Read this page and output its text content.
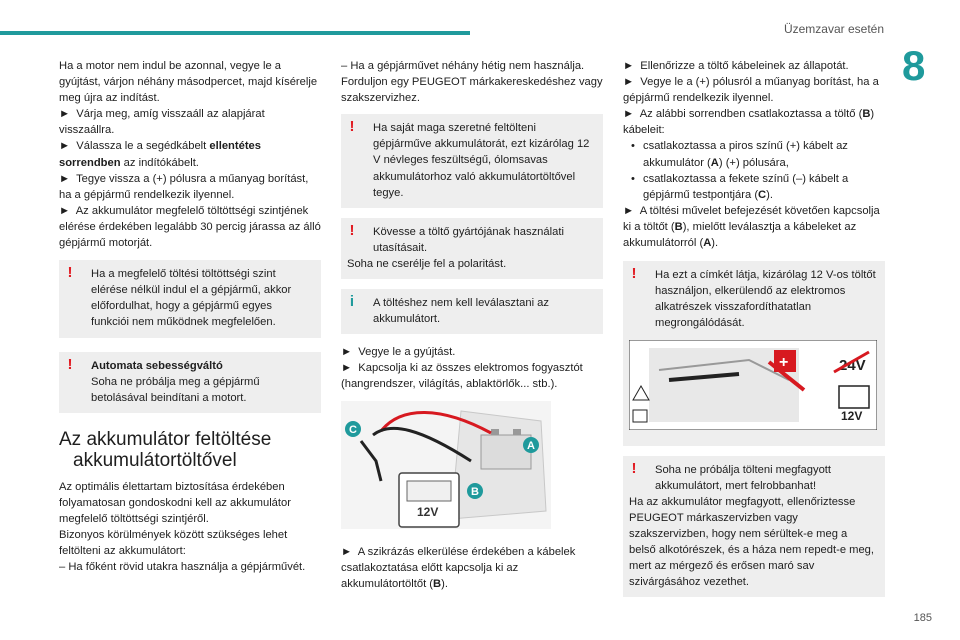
Üzemzavar esetén
8

Ha a motor nem indul be azonnal, vegye le a gyújtást, várjon néhány másodpercet, majd kísérelje meg újra az indítást.

► Várja meg, amíg visszaáll az alapjárat visszaállra.

► Válassza le a segédkábelt ellentétes sorrendben az indítókábelt.

► Tegye vissza a (+) pólusra a műanyag borítást, ha a gépjármű rendelkezik ilyennel.

► Az akkumulátor megfelelő töltöttségi szintjének elérése érdekében legalább 30 percig járassa az álló gépjármű motorját.

!	Ha a megfelelő töltési töltöttségi szint elérése nélkül indul el a gépjármű, akkor előfordulhat, hogy a gépjármű egyes funkciói nem működnek megfelelően.

!	Automata sebességváltó

Soha ne próbálja meg a gépjármű betolásával beindítani a motort.

Az akkumulátor feltöltése
akkumulátortöltővel

Az optimális élettartam biztosítása érdekében folyamatosan gondoskodni kell az akkumulátor megfelelő töltöttségi szintjéről.

Bizonyos körülmények között szükséges lehet feltölteni az akkumulátort:

– Ha főként rövid utakra használja a gépjárművét.

– Ha a gépjárművet néhány hétig nem használja.

Forduljon egy PEUGEOT márkakereskedéshez vagy szakszervizhez.

!	Ha saját maga szeretné feltölteni gépjárműve akkumulátorát, ezt kizárólag 12 V névleges feszültségű, ólomsavas akkumulátorhoz való akkumulátortöltővel tegye.

!	Kövesse a töltő gyártójának használati utasításait.

Soha ne cserélje fel a polaritást.

i	A töltéshez nem kell leválasztani az akkumulátort.

► Vegye le a gyújtást.

► Kapcsolja ki az összes elektromos fogyasztót (hangrendszer, világítás, ablaktörlők... stb.).

12V
A
B
C

► A szikrázás elkerülése érdekében a kábelek csatlakoztatása előtt kapcsolja ki az akkumulátortöltőt (B).

► Ellenőrizze a töltő kábeleinek az állapotát.

► Vegye le a (+) pólusról a műanyag borítást, ha a gépjármű rendelkezik ilyennel.

► Az alábbi sorrendben csatlakoztassa a töltő (B) kábeleit:

• csatlakoztassa a piros színű (+) kábelt az akkumulátor (A) (+) pólusára,

• csatlakoztassa a fekete színű (–) kábelt a gépjármű testpontjára (C).

► A töltési művelet befejezését követően kapcsolja ki a töltőt (B), mielőtt leválasztja a kábeleket az akkumulátorról (A).

!	Ha ezt a címkét látja, kizárólag 12 V-os töltőt használjon, elkerülendő az elektromos alkatrészek visszafordíthatatlan megrongálódását.

+	24V
12V
!	Soha ne próbálja tölteni megfagyott akkumulátort, mert felrobbanhat!

Ha az akkumulátor megfagyott, ellenőriztesse PEUGEOT márkaszervizben vagy szakszervizben, hogy nem sérültek-e meg a belső alkotórészek, és a háza nem repedt-e meg, mert az mérgező és erősen maró sav szivárgásához vezethet.

185
